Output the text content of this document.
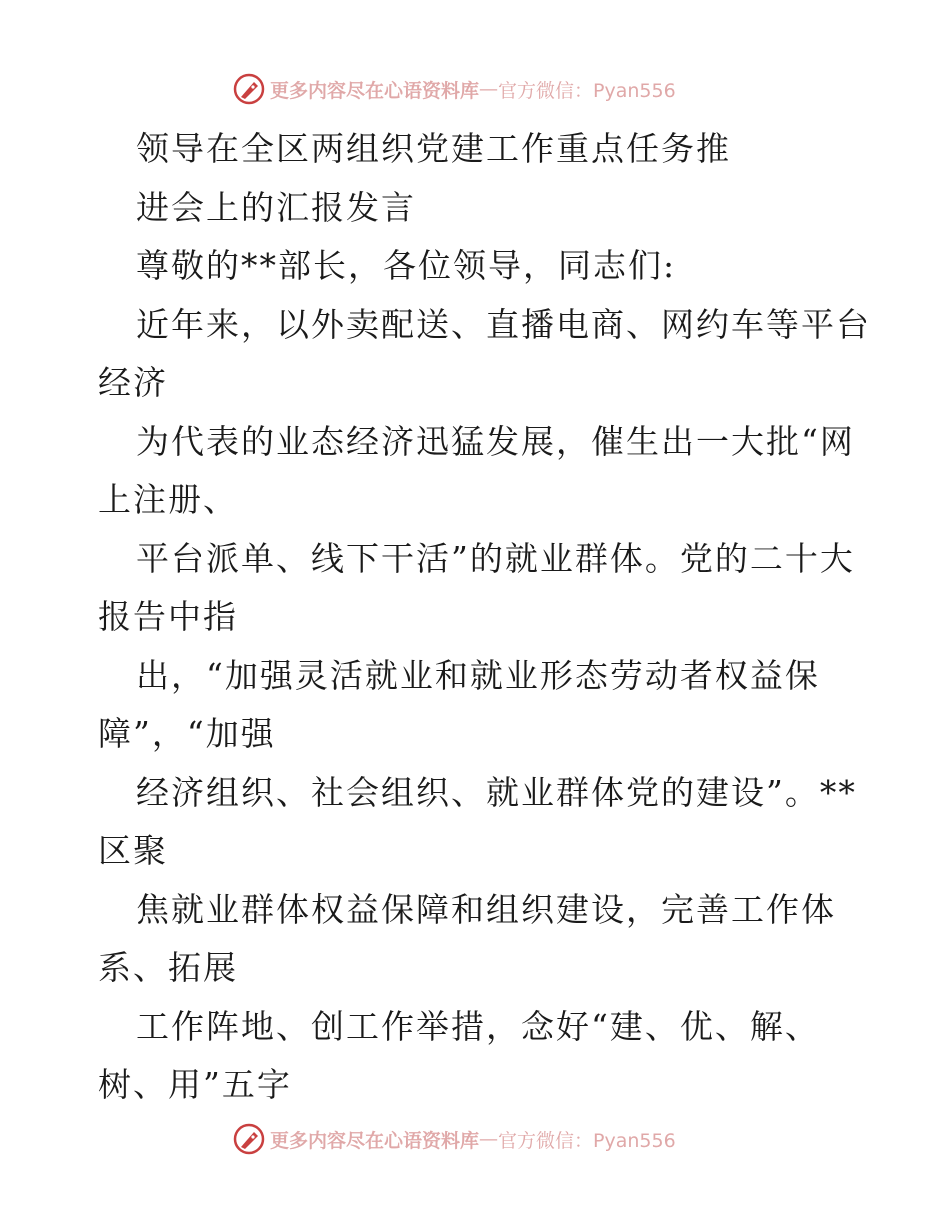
更多内容尽在心语资料库 — 官方微信：Pyan556
领导在全区两组织党建工作重点任务推
进会上的汇报发言
尊敬的**部长，各位领导，同志们:
近年来，以外卖配送、直播电商、网约车等平台
经济
为代表的业态经济迅猛发展，催生出一大批“网
上注册、
平台派单、线下干活”的就业群体。党的二十大
报告中指
出，“加强灵活就业和就业形态劳动者权益保
障”，“加强
经济组织、社会组织、就业群体党的建设”。**
区聚
焦就业群体权益保障和组织建设，完善工作体
系、拓展
工作阵地、创工作举措，念好“建、优、解、
树、用”五字
更多内容尽在心语资料库 — 官方微信：Pyan556
